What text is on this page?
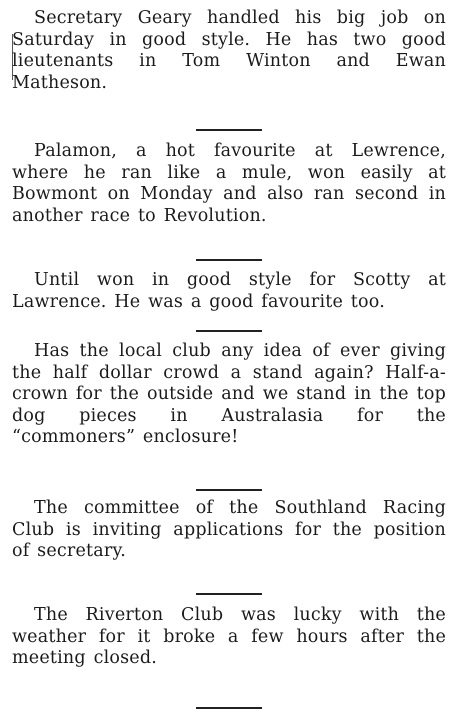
Secretary Geary handled his big job on Saturday in good style. He has two good lieutenants in Tom Winton and Ewan Matheson.

Palamon, a hot favourite at Lewrence, where he ran like a mule, won easily at Bowmont on Monday and also ran second in another race to Revolution.

Until won in good style for Scotty at Lawrence. He was a good favourite too.

Has the local club any idea of ever giving the half dollar crowd a stand again? Half-a-crown for the outside and we stand in the top dog pieces in Australasia for the “commoners” enclosure!

The committee of the Southland Racing Club is inviting applications for the position of secretary.

The Riverton Club was lucky with the weather for it broke a few hours after the meeting closed.
